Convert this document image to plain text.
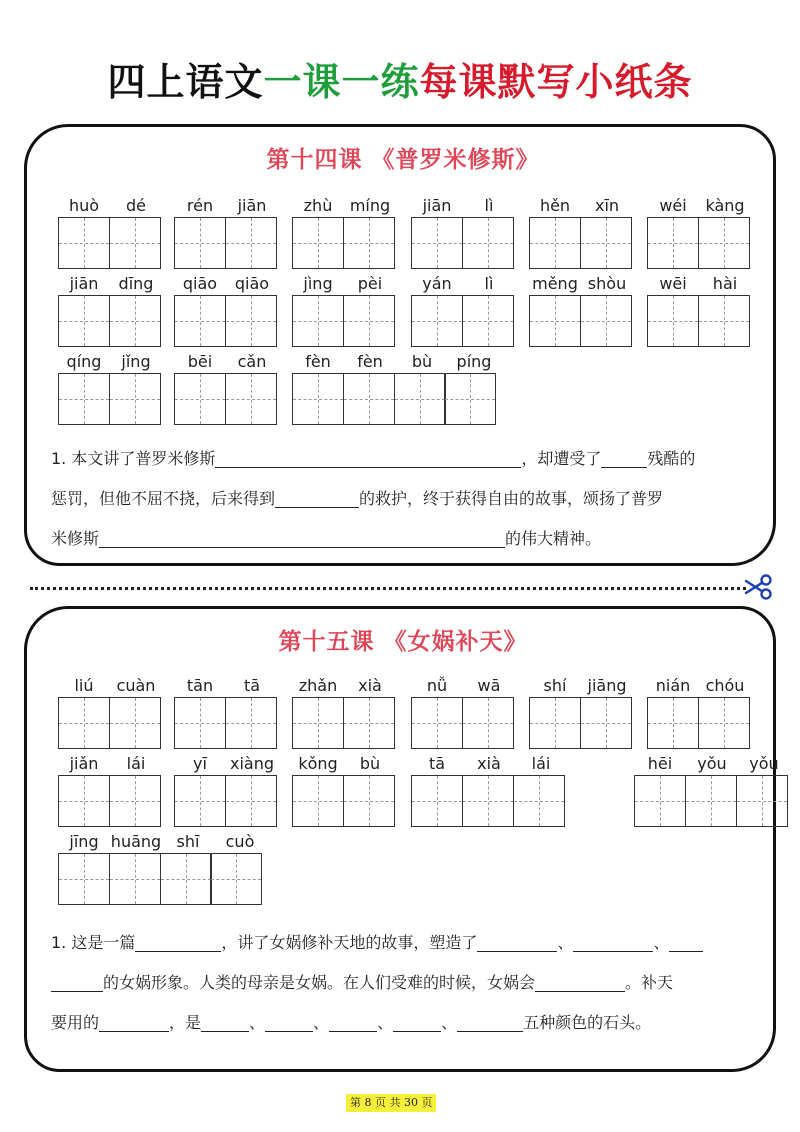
四上语文一课一练每课默写小纸条
第十四课 《普罗米修斯》
huò	dé	rén	jiān	zhù	míng	jiān	lì	hěn	xīn	wéi	kàng
jiān	dīng	qiāo	qiāo	jìng	pèi	yán	lì	měng shòu	wēi	hài
qíng	jǐng	bēi	cǎn	fèn	fèn	bù	píng
1. 本文讲了普罗米修斯	，却遭受了	残酷的
惩罚，但他不屈不挠，后来得到	的救护，终于获得自由的故事，颂扬了普罗
米修斯	的伟大精神。
第十五课 《女娲补天》
liú	cuàn	tān	tā	zhǎn	xià	nǚ	wā	shí	jiāng	nián chóu
jiǎn	lái	yī	xiàng	kǒng	bù	tā	xià	lái	hēi	yǒu	yǒu
jīng huāng shī	cuò
1. 这是一篇	，讲了女娲修补天地的故事，塑造了	、	、
的女娲形象。人类的母亲是女娲。在人们受难的时候，女娲会	。补天
要用的	，是	、	、	、	、	五种颜色的石头。
第 8 页 共 30 页
